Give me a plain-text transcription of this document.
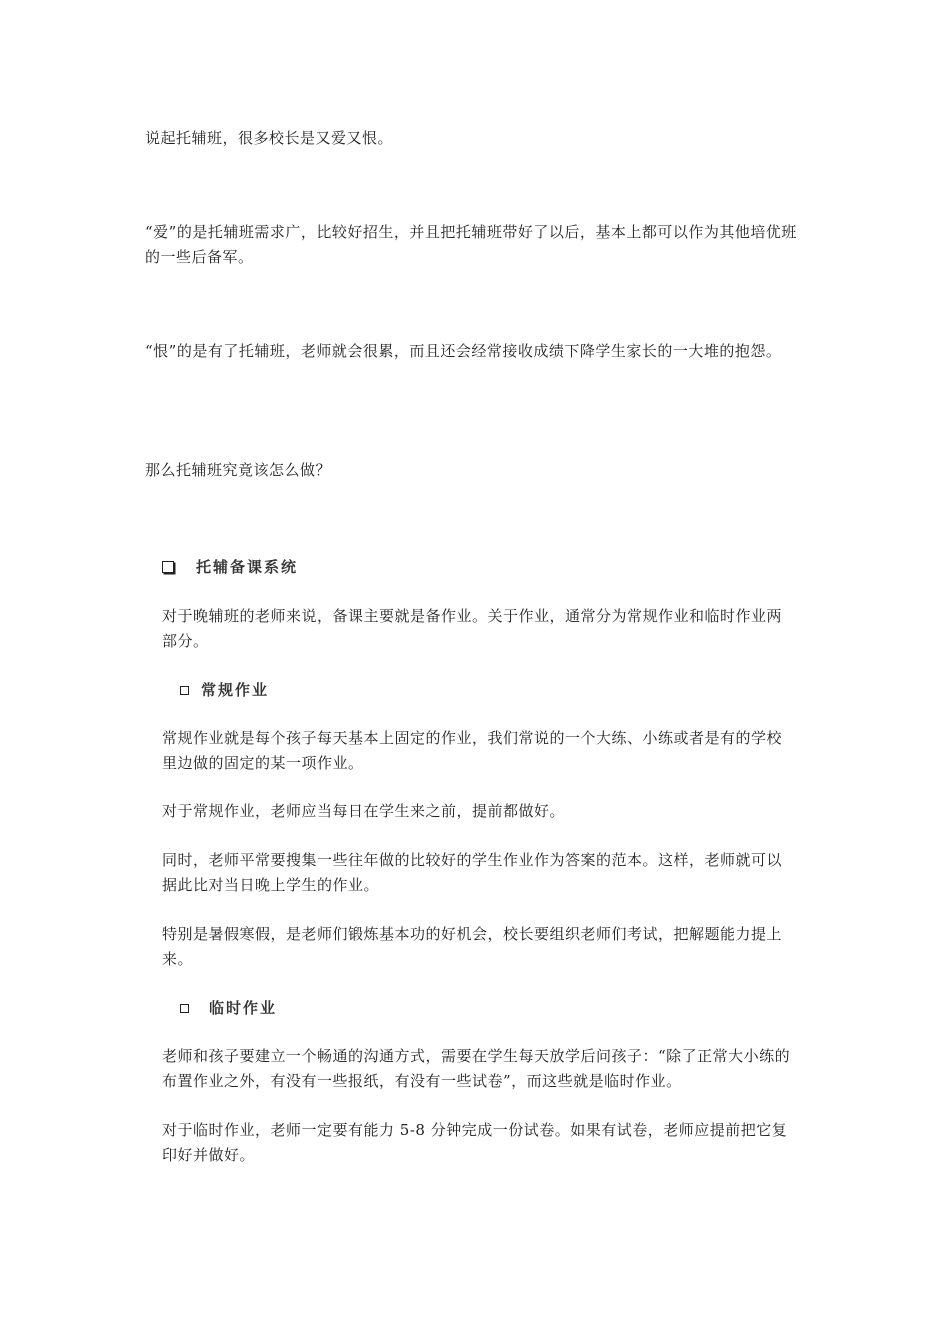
说起托辅班，很多校长是又爱又恨。

“爱”的是托辅班需求广，比较好招生，并且把托辅班带好了以后，基本上都可以作为其他培优班的一些后备军。

“恨”的是有了托辅班，老师就会很累，而且还会经常接收成绩下降学生家长的一大堆的抱怨。

那么托辅班究竟该怎么做？

托辅备课系统

对于晚辅班的老师来说，备课主要就是备作业。关于作业，通常分为常规作业和临时作业两部分。

常规作业

常规作业就是每个孩子每天基本上固定的作业，我们常说的一个大练、小练或者是有的学校里边做的固定的某一项作业。

对于常规作业，老师应当每日在学生来之前，提前都做好。

同时，老师平常要搜集一些往年做的比较好的学生作业作为答案的范本。这样，老师就可以据此比对当日晚上学生的作业。

特别是暑假寒假，是老师们锻炼基本功的好机会，校长要组织老师们考试，把解题能力提上来。

临时作业

老师和孩子要建立一个畅通的沟通方式，需要在学生每天放学后问孩子：“除了正常大小练的布置作业之外，有没有一些报纸，有没有一些试卷”，而这些就是临时作业。

对于临时作业，老师一定要有能力 5-8 分钟完成一份试卷。如果有试卷，老师应提前把它复印好并做好。
